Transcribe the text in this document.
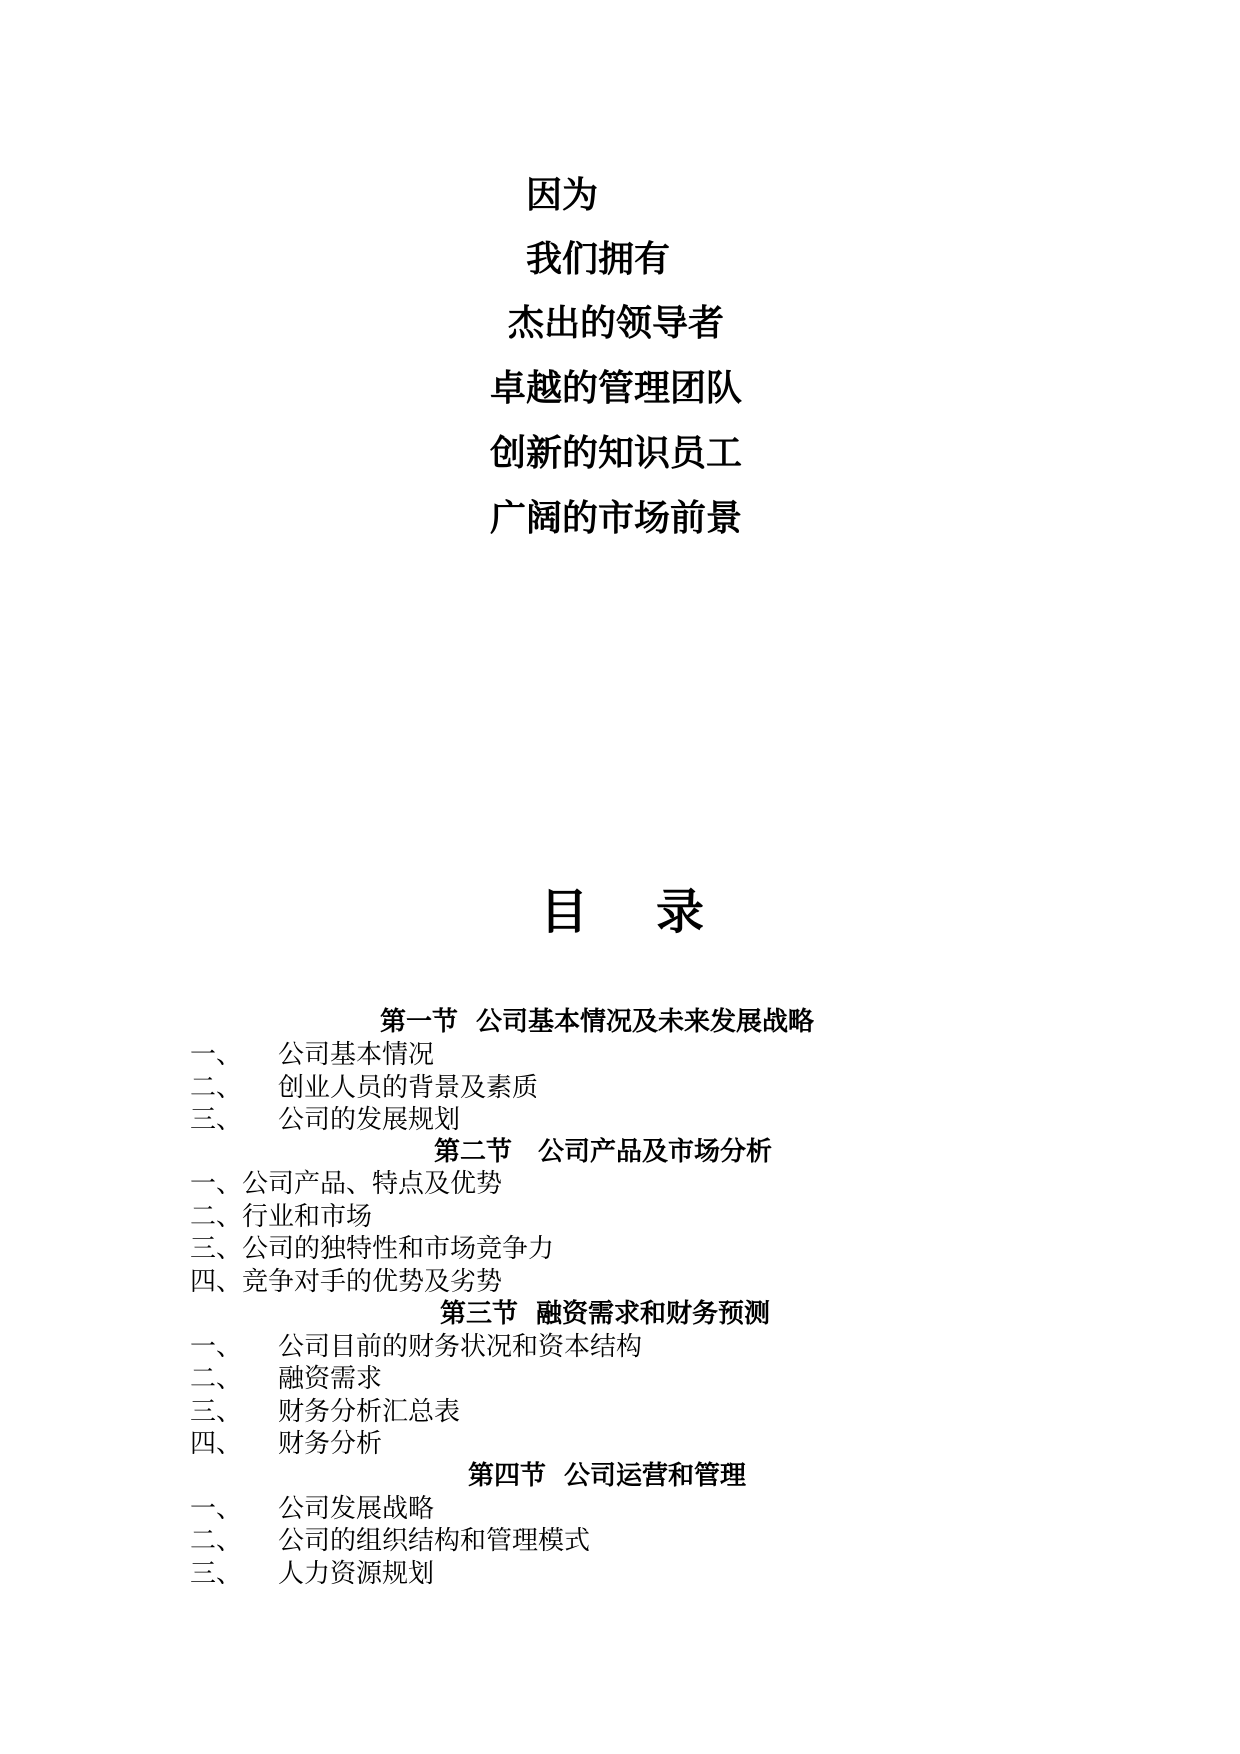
因为
我们拥有
杰出的领导者
卓越的管理团队
创新的知识员工
广阔的市场前景
目 录
第一节 公司基本情况及未来发展战略
一、 公司基本情况
二、 创业人员的背景及素质
三、 公司的发展规划
第二节 公司产品及市场分析
一、公司产品、特点及优势
二、行业和市场
三、公司的独特性和市场竞争力
四、竞争对手的优势及劣势
第三节 融资需求和财务预测
一、 公司目前的财务状况和资本结构
二、 融资需求
三、 财务分析汇总表
四、 财务分析
第四节 公司运营和管理
一、 公司发展战略
二、 公司的组织结构和管理模式
三、 人力资源规划
